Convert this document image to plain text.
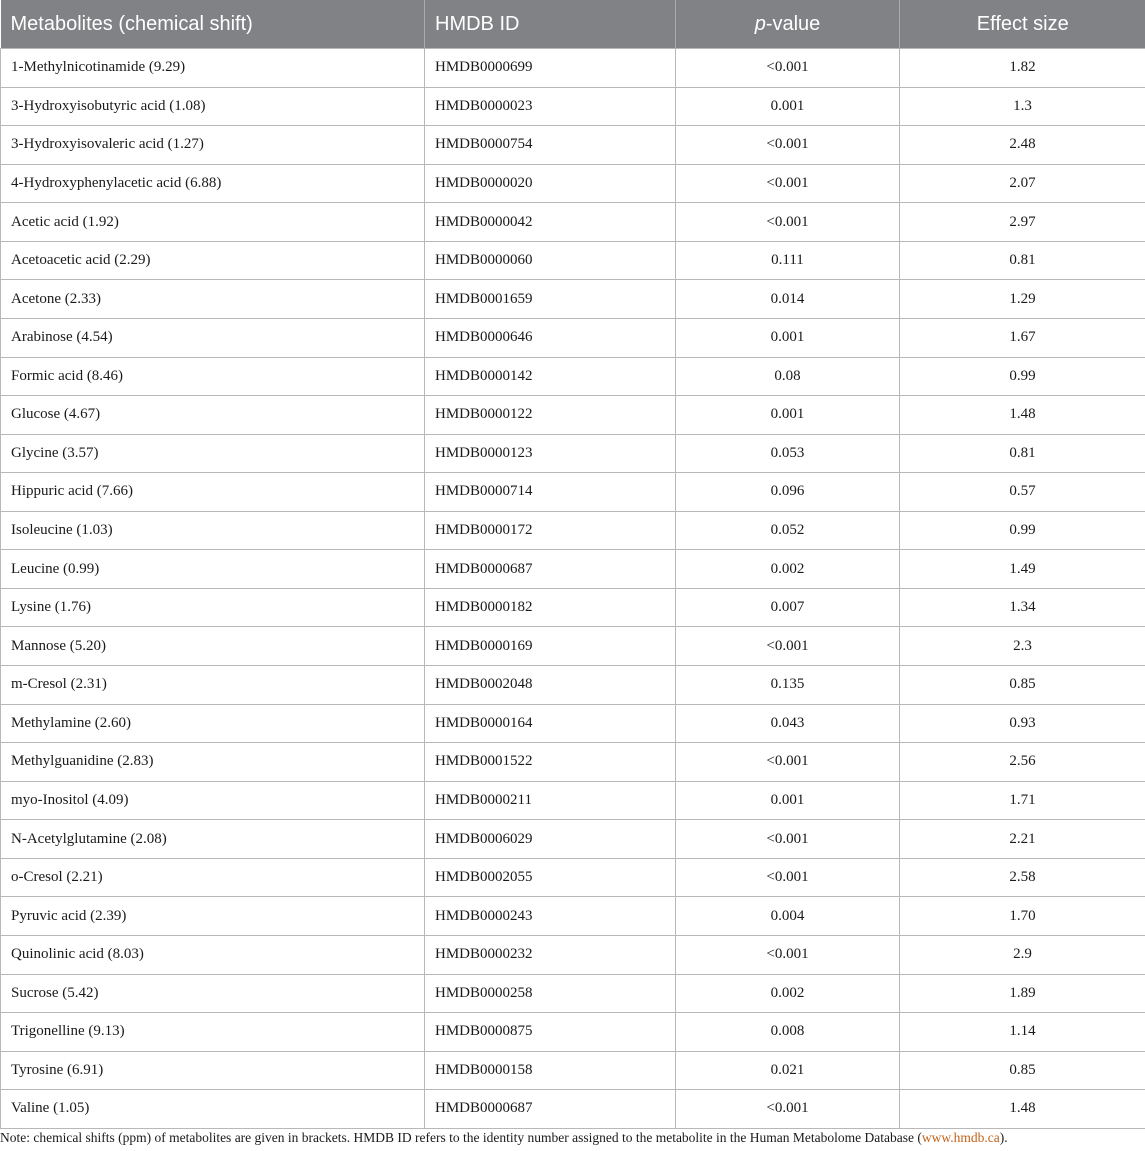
Metabolites (chemical shift)	HMDB ID	p-value	Effect size
1-Methylnicotinamide (9.29)	HMDB0000699	<0.001	1.82
3-Hydroxyisobutyric acid (1.08)	HMDB0000023	0.001	1.3
3-Hydroxyisovaleric acid (1.27)	HMDB0000754	<0.001	2.48
4-Hydroxyphenylacetic acid (6.88)	HMDB0000020	<0.001	2.07
Acetic acid (1.92)	HMDB0000042	<0.001	2.97
Acetoacetic acid (2.29)	HMDB0000060	0.111	0.81
Acetone (2.33)	HMDB0001659	0.014	1.29
Arabinose (4.54)	HMDB0000646	0.001	1.67
Formic acid (8.46)	HMDB0000142	0.08	0.99
Glucose (4.67)	HMDB0000122	0.001	1.48
Glycine (3.57)	HMDB0000123	0.053	0.81
Hippuric acid (7.66)	HMDB0000714	0.096	0.57
Isoleucine (1.03)	HMDB0000172	0.052	0.99
Leucine (0.99)	HMDB0000687	0.002	1.49
Lysine (1.76)	HMDB0000182	0.007	1.34
Mannose (5.20)	HMDB0000169	<0.001	2.3
m-Cresol (2.31)	HMDB0002048	0.135	0.85
Methylamine (2.60)	HMDB0000164	0.043	0.93
Methylguanidine (2.83)	HMDB0001522	<0.001	2.56
myo-Inositol (4.09)	HMDB0000211	0.001	1.71
N-Acetylglutamine (2.08)	HMDB0006029	<0.001	2.21
o-Cresol (2.21)	HMDB0002055	<0.001	2.58
Pyruvic acid (2.39)	HMDB0000243	0.004	1.70
Quinolinic acid (8.03)	HMDB0000232	<0.001	2.9
Sucrose (5.42)	HMDB0000258	0.002	1.89
Trigonelline (9.13)	HMDB0000875	0.008	1.14
Tyrosine (6.91)	HMDB0000158	0.021	0.85
Valine (1.05)	HMDB0000687	<0.001	1.48
Note: chemical shifts (ppm) of metabolites are given in brackets. HMDB ID refers to the identity number assigned to the metabolite in the Human Metabolome Database (www.hmdb.ca).
